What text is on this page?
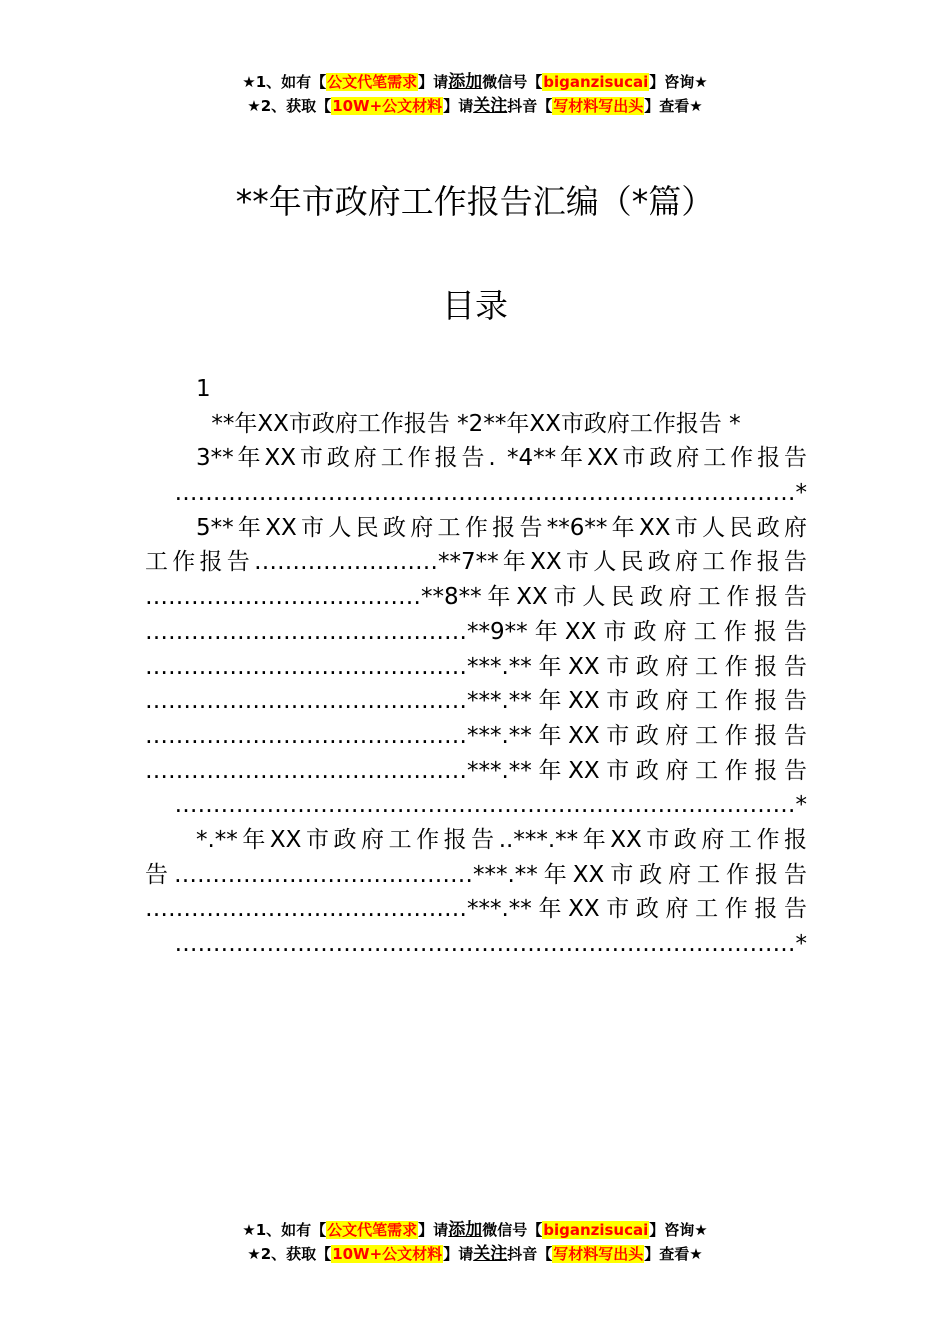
★1、如有【公文代笔需求】请添加微信号【biganzisucai】咨询★
★2、获取【10W+公文材料】请关注抖音【写材料写出头】查看★
**年市政府工作报告汇编（*篇）
目录
1
**年XX市政府工作报告 *2**年XX市政府工作报告 *
3**年XX市政府工作报告. *4**年XX市政府工作报告
………………………………………………………………………*
5**年XX市人民政府工作报告**6**年XX市人民政府
工作报告……………………**7**年XX市人民政府工作报告
………………………………**8**年XX市人民政府工作报告
……………………………………**9**年XX市政府工作报告
……………………………………***.**年XX市政府工作报告
……………………………………***.**年XX市政府工作报告
……………………………………***.**年XX市政府工作报告
……………………………………***.**年XX市政府工作报告
………………………………………………………………………*
*.**年XX市政府工作报告..***.**年XX市政府工作报
告…………………………………***.**年XX市政府工作报告
……………………………………***.**年XX市政府工作报告
………………………………………………………………………*
★1、如有【公文代笔需求】请添加微信号【biganzisucai】咨询★
★2、获取【10W+公文材料】请关注抖音【写材料写出头】查看★
